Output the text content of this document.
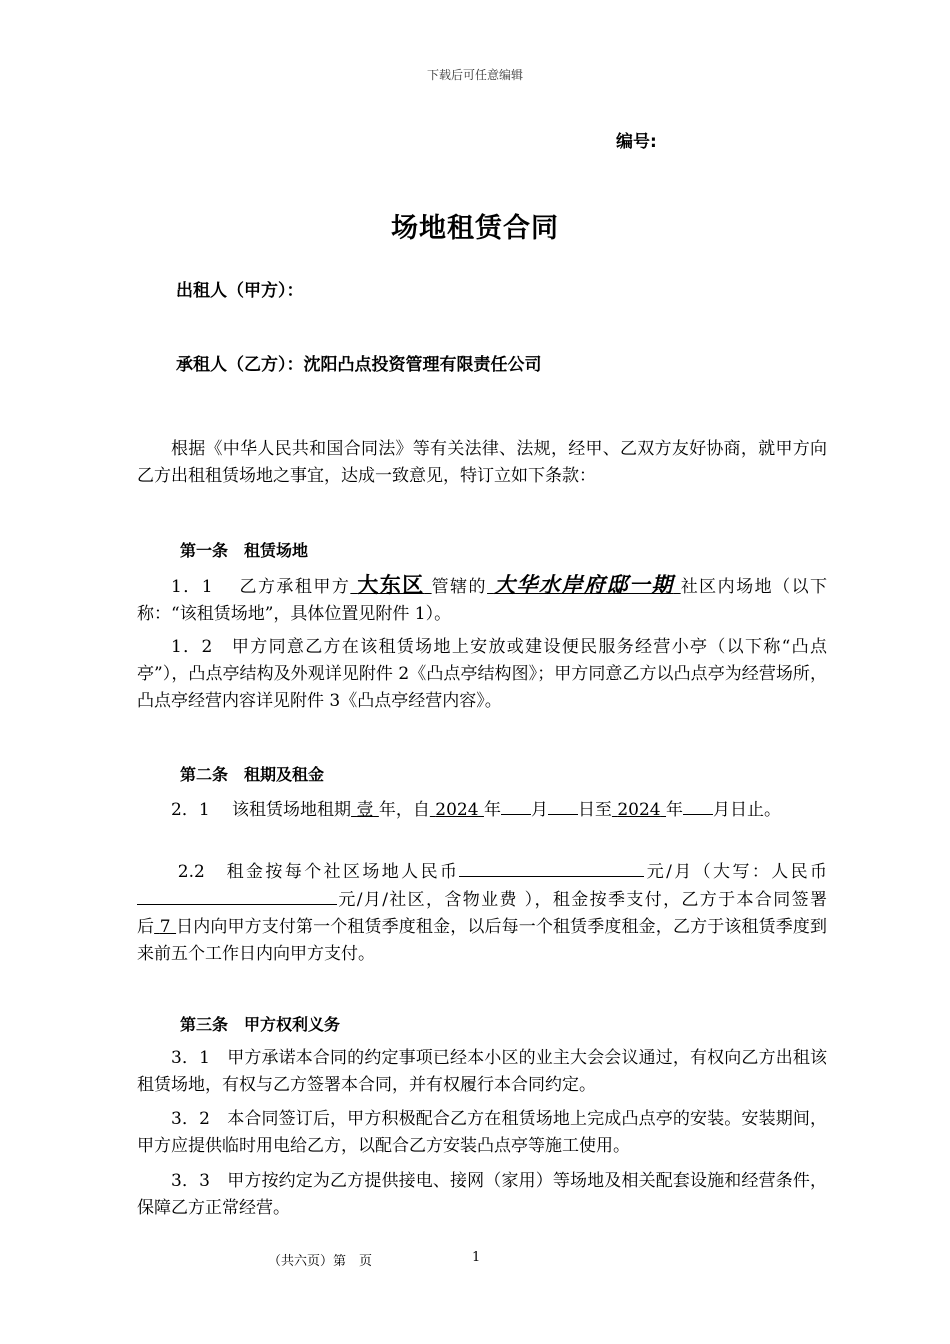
下载后可任意编辑
编号:
场地租赁合同
出租人（甲方）：
承租人（乙方）：沈阳凸点投资管理有限责任公司
根据《中华人民共和国合同法》等有关法律、法规，经甲、乙双方友好协商，就甲方向乙方出租租赁场地之事宜，达成一致意见，特订立如下条款：
第一条　租赁场地
1．1　 乙方承租甲方 大东区 管辖的 大华水岸府邸一期 社区内场地（以下称：“该租赁场地”，具体位置见附件 1）。
1．2　甲方同意乙方在该租赁场地上安放或建设便民服务经营小亭（以下称“凸点亭”），凸点亭结构及外观详见附件 2《凸点亭结构图》；甲方同意乙方以凸点亭为经营场所，凸点亭经营内容详见附件 3《凸点亭经营内容》。
第二条　租期及租金
2．1　 该租赁场地租期 壹 年，自 2024 年 月 日至 2024 年 月日止。
2.2　 租金按每个社区场地人民币	元/月（大写：人民币元/月/社区，含物业费 ），租金按季支付，乙方于本合同签署后 7 日内向甲方支付第一个租赁季度租金，以后每一个租赁季度租金，乙方于该租赁季度到来前五个工作日内向甲方支付。
第三条　甲方权利义务
3．1　甲方承诺本合同的约定事项已经本小区的业主大会会议通过，有权向乙方出租该租赁场地，有权与乙方签署本合同，并有权履行本合同约定。
3．2　本合同签订后，甲方积极配合乙方在租赁场地上完成凸点亭的安装。安装期间，甲方应提供临时用电给乙方，以配合乙方安装凸点亭等施工使用。
3．3　甲方按约定为乙方提供接电、接网（家用）等场地及相关配套设施和经营条件，保障乙方正常经营。
（共六页）第　页	1
